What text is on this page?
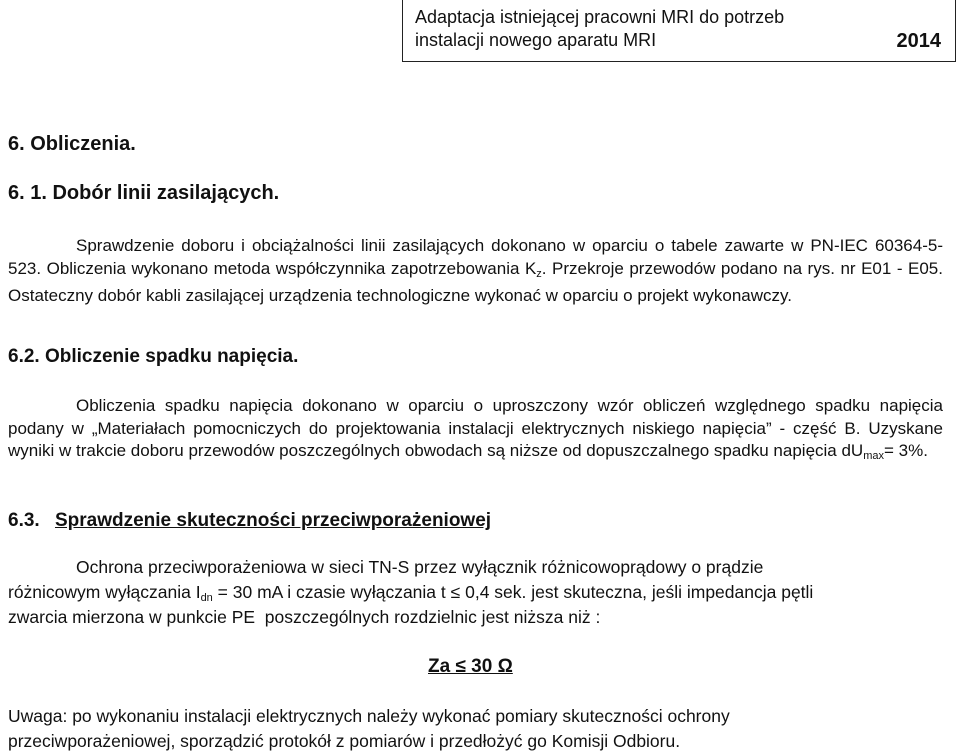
Adaptacja istniejącej pracowni MRI do potrzeb
instalacji nowego aparatu MRI	2014
6. Obliczenia.
6. 1. Dobór linii zasilających.
Sprawdzenie doboru i obciążalności linii zasilających dokonano w oparciu o tabele zawarte w PN-IEC 60364-5-523. Obliczenia wykonano metoda współczynnika zapotrzebowania $K_z$. Przekroje przewodów podano na rys. nr E01 - E05. Ostateczny dobór kabli zasilającej urządzenia technologiczne wykonać w oparciu o projekt wykonawczy.
6.2. Obliczenie spadku napięcia.
Obliczenia spadku napięcia dokonano w oparciu o uproszczony wzór obliczeń względnego spadku napięcia podany w „Materiałach pomocniczych do projektowania instalacji elektrycznych niskiego napięcia” - część B. Uzyskane wyniki w trakcie doboru przewodów poszczególnych obwodach są niższe od dopuszczalnego spadku napięcia $dU_{max}= 3\%$.
6.3. Sprawdzenie skuteczności przeciwporażeniowej
Ochrona przeciwporażeniowa w sieci TN-S przez wyłącznik różnicowoprądowy o prądzie
różnicowym wyłączania $I_{dn} = 30$ mA i czasie wyłączania t ≤ 0,4 sek. jest skuteczna, jeśli impedancja pętli
zwarcia mierzona w punkcie PE  poszczególnych rozdzielnic jest niższa niż :
Za ≤ 30 Ω
Uwaga: po wykonaniu instalacji elektrycznych należy wykonać pomiary skuteczności ochrony
przeciwporażeniowej, sporządzić protokół z pomiarów i przedłożyć go Komisji Odbioru.
